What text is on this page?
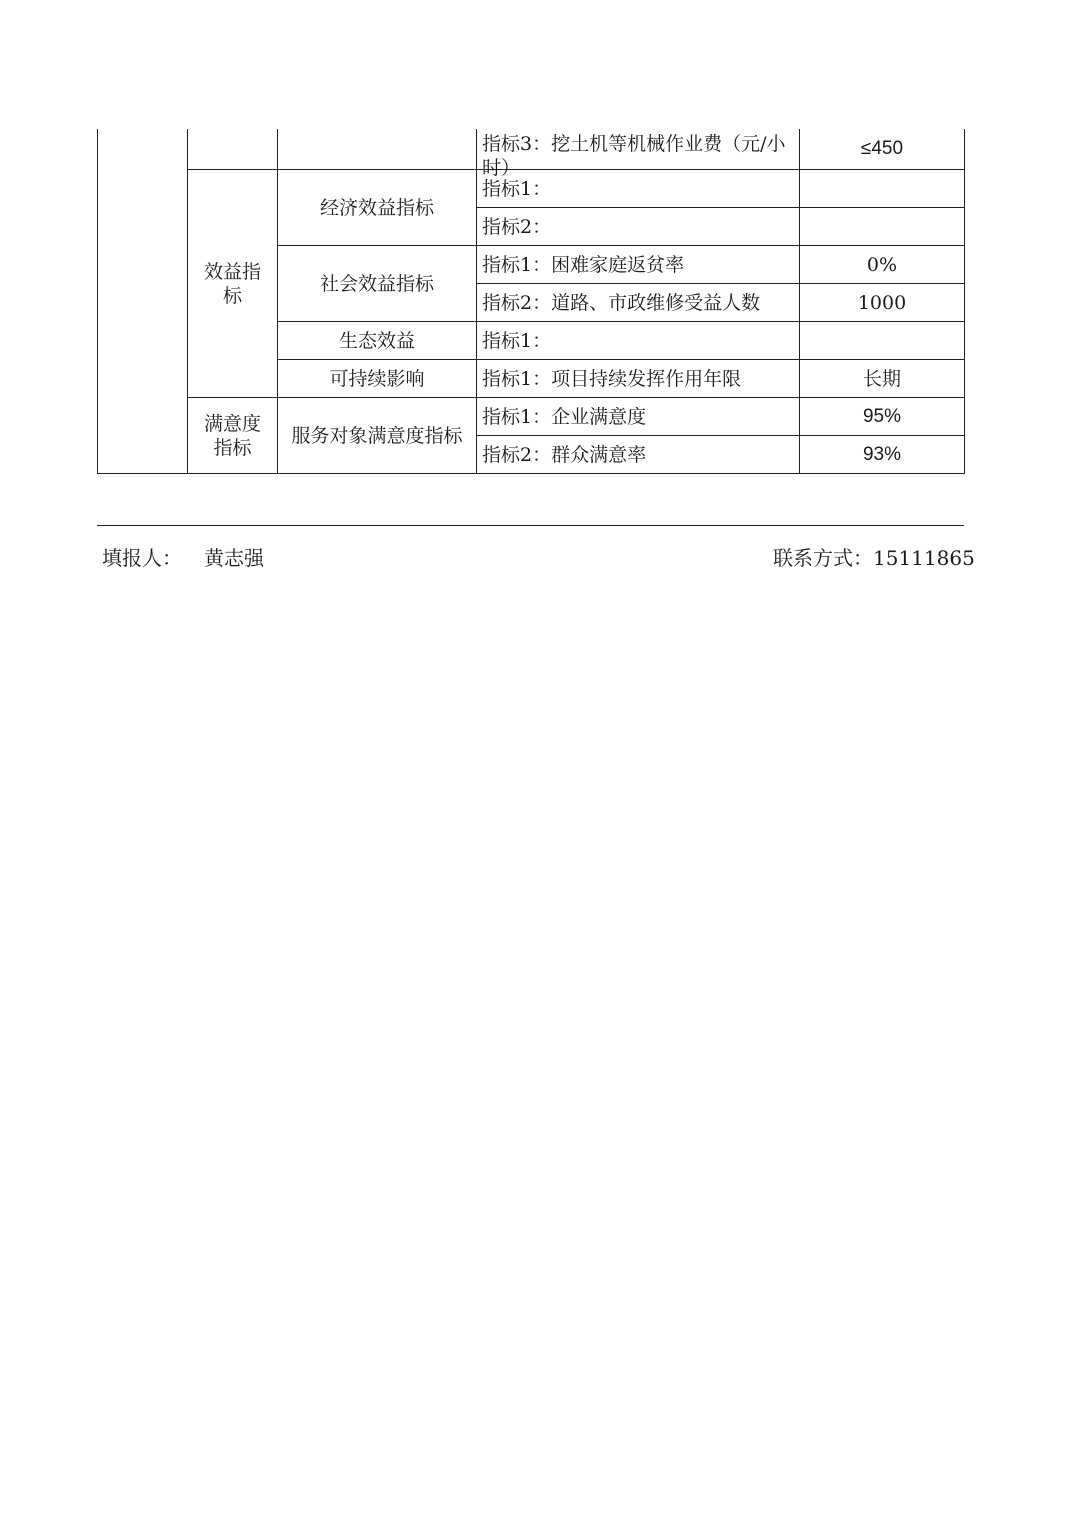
			指标3：挖土机等机械作业费（元/小时）	≤450

	效益指标	经济效益指标	指标1：	
			指标2：	
		社会效益指标	指标1：困难家庭返贫率	0%
			指标2：道路、市政维修受益人数	1000
		生态效益	指标1：	
		可持续影响	指标1：项目持续发挥作用年限	长期

	满意度指标	服务对象满意度指标	指标1：企业满意度	95%
			指标2：群众满意率	93%
填报人： 黄志强	联系方式：15111865
